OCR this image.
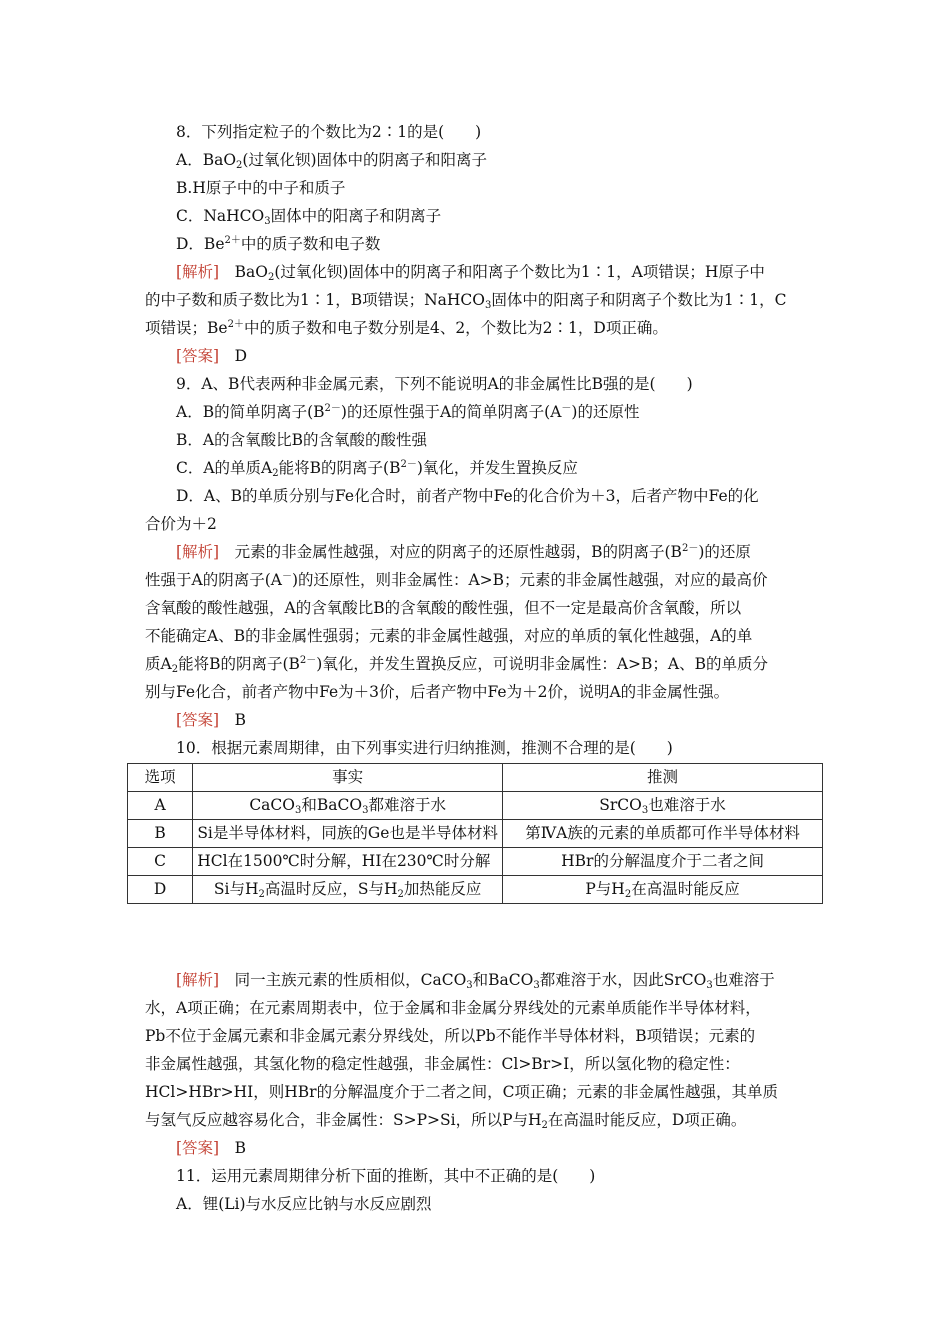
8．下列指定粒子的个数比为2∶1的是(　　)
A．BaO$_2$(过氧化钡)固体中的阴离子和阳离子
B.H原子中的中子和质子
C．NaHCO$_3$固体中的阳离子和阴离子
D．$Be^{2+}$中的质子数和电子数
[解析]　BaO$_2$(过氧化钡)固体中的阴离子和阳离子个数比为1∶1，A项错误；H原子中
的中子数和质子数比为1∶1，B项错误；NaHCO$_3$固体中的阳离子和阴离子个数比为1∶1，C
项错误；$Be^{2+}$中的质子数和电子数分别是4、2，个数比为2∶1，D项正确。
[答案]　D
9．A、B代表两种非金属元素，下列不能说明A的非金属性比B强的是(　　)
A．B的简单阴离子$(B^{2-})$的还原性强于A的简单阴离子(A－)的还原性
B．A的含氧酸比B的含氧酸的酸性强
C．A的单质$A_2$能将B的阴离子$(B^{2-})$氧化，并发生置换反应
D．A、B的单质分别与Fe化合时，前者产物中Fe的化合价为＋3，后者产物中Fe的化
合价为＋2
[解析]　元素的非金属性越强，对应的阴离子的还原性越弱，B的阴离子$(B^{2-})$的还原
性强于A的阴离子(A－)的还原性，则非金属性：A>B；元素的非金属性越强，对应的最高价
含氧酸的酸性越强，A的含氧酸比B的含氧酸的酸性强，但不一定是最高价含氧酸，所以
不能确定A、B的非金属性强弱；元素的非金属性越强，对应的单质的氧化性越强，A的单
质$A_2$能将B的阴离子$(B^{2-})$氧化，并发生置换反应，可说明非金属性：A>B；A、B的单质分
别与Fe化合，前者产物中Fe为＋3价，后者产物中Fe为＋2价，说明A的非金属性强。
[答案]　B
10．根据元素周期律，由下列事实进行归纳推测，推测不合理的是(　　)
选项	事实	推测
A	CaCO$_3$和BaCO$_3$都难溶于水	SrCO$_3$也难溶于水
B	Si是半导体材料，同族的Ge也是半导体材料	第ⅣA族的元素的单质都可作半导体材料
C	HCl在1500℃时分解，HI在230℃时分解	HBr的分解温度介于二者之间
D	Si与$H_2$高温时反应，S与$H_2$加热能反应	P与$H_2$在高温时能反应
[解析]　同一主族元素的性质相似，CaCO$_3$和BaCO$_3$都难溶于水，因此SrCO$_3$也难溶于
水，A项正确；在元素周期表中，位于金属和非金属分界线处的元素单质能作半导体材料，
Pb不位于金属元素和非金属元素分界线处，所以Pb不能作半导体材料，B项错误；元素的
非金属性越强，其氢化物的稳定性越强，非金属性：Cl>Br>I，所以氢化物的稳定性：
HCl>HBr>HI，则HBr的分解温度介于二者之间，C项正确；元素的非金属性越强，其单质
与氢气反应越容易化合，非金属性：S>P>Si，所以P与$H_2$在高温时能反应，D项正确。
[答案]　B
11．运用元素周期律分析下面的推断，其中不正确的是(　　)
A．锂(Li)与水反应比钠与水反应剧烈
